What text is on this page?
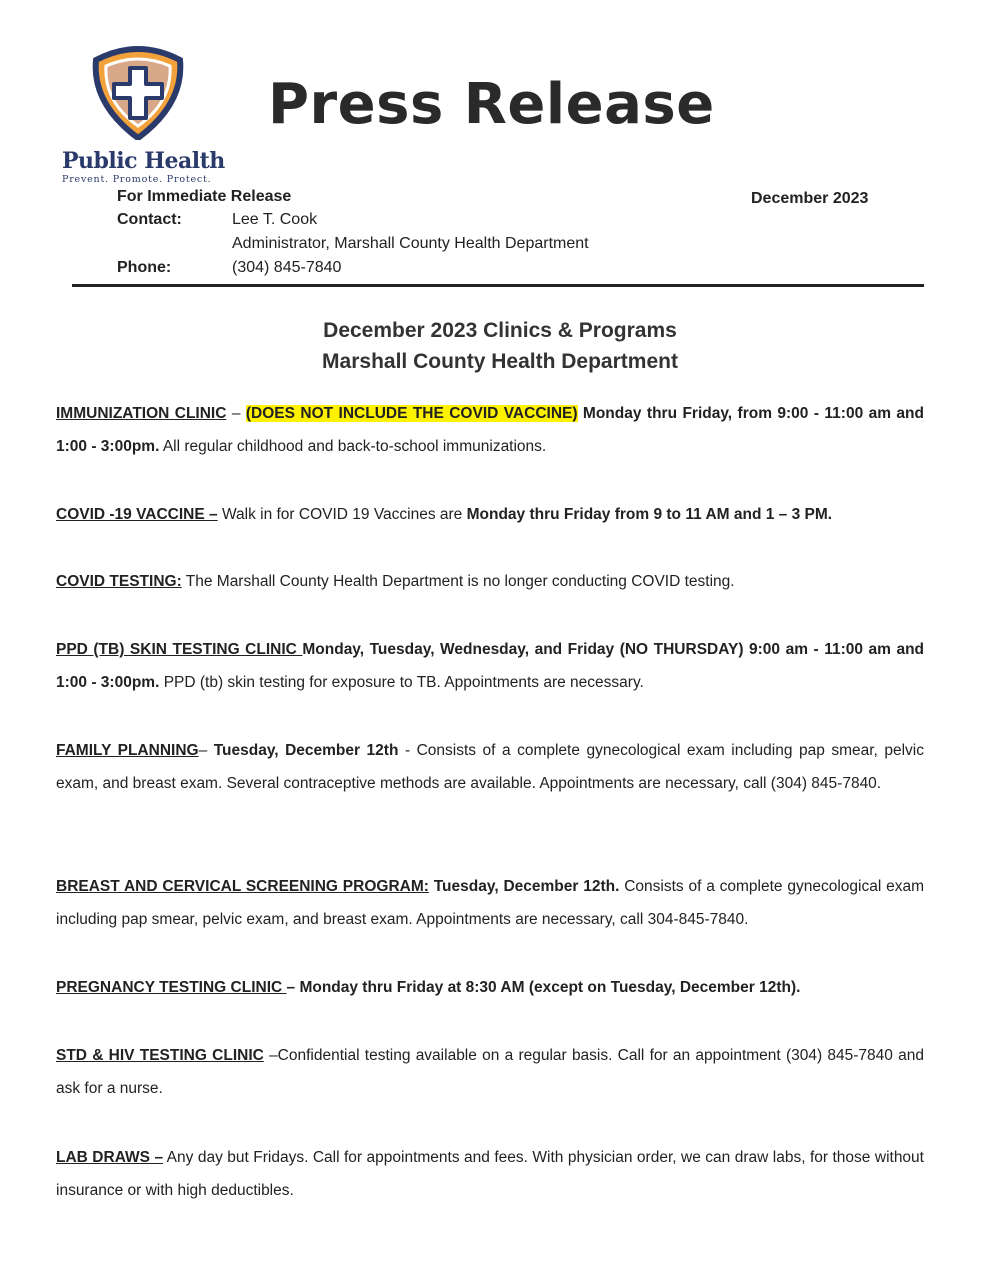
Public Health
Prevent. Promote. Protect.
Press Release
For Immediate Release	December 2023
Contact:	Lee T. Cook
Administrator, Marshall County Health Department
Phone:	(304) 845-7840
December 2023 Clinics & Programs
Marshall County Health Department
IMMUNIZATION CLINIC – (DOES NOT INCLUDE THE COVID VACCINE) Monday thru Friday, from 9:00 - 11:00 am and 1:00 - 3:00pm. All regular childhood and back-to-school immunizations.
COVID -19 VACCINE – Walk in for COVID 19 Vaccines are Monday thru Friday from 9 to 11 AM and 1 – 3 PM.
COVID TESTING: The Marshall County Health Department is no longer conducting COVID testing.
PPD (TB) SKIN TESTING CLINIC Monday, Tuesday, Wednesday, and Friday (NO THURSDAY) 9:00 am - 11:00 am and 1:00 - 3:00pm. PPD (tb) skin testing for exposure to TB. Appointments are necessary.
FAMILY PLANNING– Tuesday, December 12th - Consists of a complete gynecological exam including pap smear, pelvic exam, and breast exam. Several contraceptive methods are available. Appointments are necessary, call (304) 845-7840.
BREAST AND CERVICAL SCREENING PROGRAM: Tuesday, December 12th. Consists of a complete gynecological exam including pap smear, pelvic exam, and breast exam. Appointments are necessary, call 304-845-7840.
PREGNANCY TESTING CLINIC – Monday thru Friday at 8:30 AM (except on Tuesday, December 12th).
STD & HIV TESTING CLINIC –Confidential testing available on a regular basis. Call for an appointment (304) 845-7840 and ask for a nurse.
LAB DRAWS – Any day but Fridays. Call for appointments and fees. With physician order, we can draw labs, for those without insurance or with high deductibles.
